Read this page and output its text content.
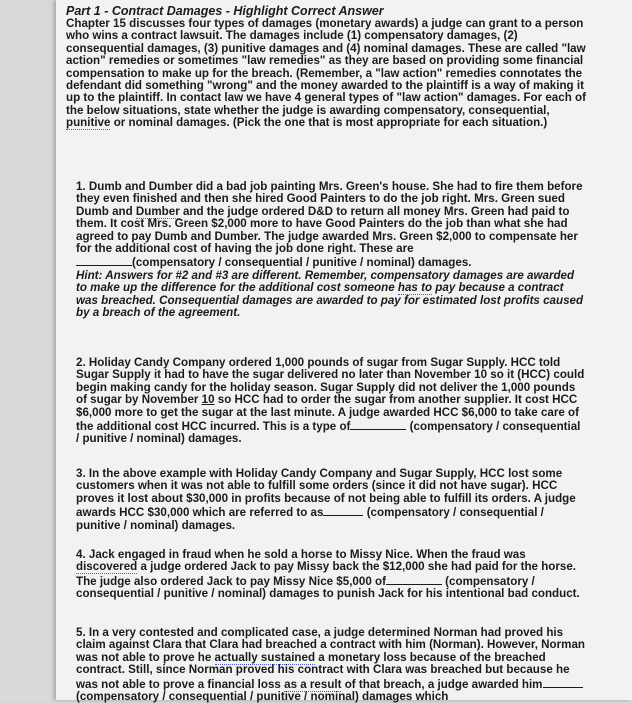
Part 1 - Contract Damages - Highlight Correct Answer

Chapter 15 discusses four types of damages (monetary awards) a judge can grant to a person who wins a contract lawsuit. The damages include (1) compensatory damages, (2) consequential damages, (3) punitive damages and (4) nominal damages. These are called "law action" remedies or sometimes "law remedies" as they are based on providing some financial compensation to make up for the breach. (Remember, a "law action" remedies connotates the defendant did something "wrong" and the money awarded to the plaintiff is a way of making it up to the plaintiff. In contact law we have 4 general types of "law action" damages. For each of the below situations, state whether the judge is awarding compensatory, consequential, punitive or nominal damages. (Pick the one that is most appropriate for each situation.)

1. Dumb and Dumber did a bad job painting Mrs. Green's house. She had to fire them before they even finished and then she hired Good Painters to do the job right. Mrs. Green sued Dumb and Dumber and the judge ordered D&D to return all money Mrs. Green had paid to them. It cost Mrs. Green $2,000 more to have Good Painters do the job than what she had agreed to pay Dumb and Dumber. The judge awarded Mrs. Green $2,000 to compensate her for the additional cost of having the job done right. These are

(compensatory / consequential / punitive / nominal) damages.

Hint: Answers for #2 and #3 are different. Remember, compensatory damages are awarded to make up the difference for the additional cost someone has to pay because a contract was breached. Consequential damages are awarded to pay for estimated lost profits caused by a breach of the agreement.

2. Holiday Candy Company ordered 1,000 pounds of sugar from Sugar Supply. HCC told Sugar Supply it had to have the sugar delivered no later than November 10 so it (HCC) could begin making candy for the holiday season. Sugar Supply did not deliver the 1,000 pounds of sugar by November 10 so HCC had to order the sugar from another supplier. It cost HCC $6,000 more to get the sugar at the last minute. A judge awarded HCC $6,000 to take care of the additional cost HCC incurred. This is a type of	(compensatory / consequential / punitive / nominal) damages.

3. In the above example with Holiday Candy Company and Sugar Supply, HCC lost some customers when it was not able to fulfill some orders (since it did not have sugar). HCC proves it lost about $30,000 in profits because of not being able to fulfill its orders. A judge awards HCC $30,000 which are referred to as	(compensatory / consequential / punitive / nominal) damages.

4. Jack engaged in fraud when he sold a horse to Missy Nice. When the fraud was discovered a judge ordered Jack to pay Missy back the $12,000 she had paid for the horse. The judge also ordered Jack to pay Missy Nice $5,000 of	(compensatory / consequential / punitive / nominal) damages to punish Jack for his intentional bad conduct.

5. In a very contested and complicated case, a judge determined Norman had proved his claim against Clara that Clara had breached a contract with him (Norman). However, Norman was not able to prove he actually sustained a monetary loss because of the breached contract. Still, since Norman proved his contract with Clara was breached but because he was not able to prove a financial loss as a result of that breach, a judge awarded him (compensatory / consequential / punitive / nominal) damages which
